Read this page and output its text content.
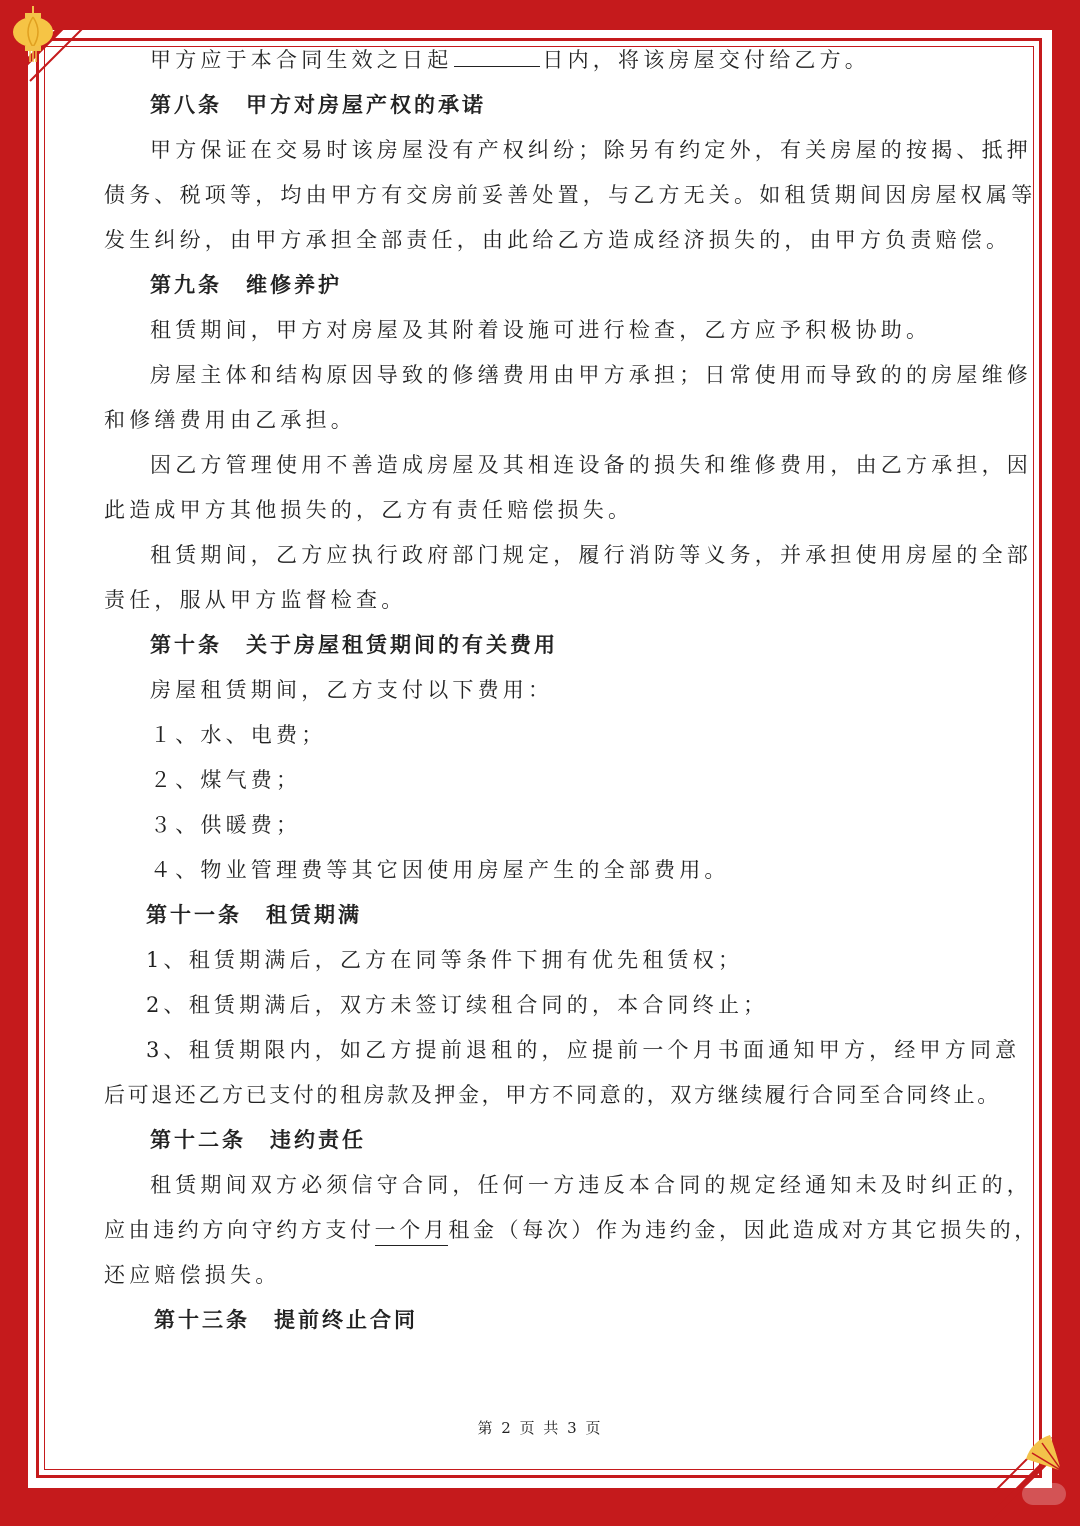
甲方应于本合同生效之日起	日内，将该房屋交付给乙方。
第八条　甲方对房屋产权的承诺
甲方保证在交易时该房屋没有产权纠纷；除另有约定外，有关房屋的按揭、抵押
债务、税项等，均由甲方有交房前妥善处置，与乙方无关。如租赁期间因房屋权属等
发生纠纷，由甲方承担全部责任，由此给乙方造成经济损失的，由甲方负责赔偿。
第九条　维修养护
租赁期间，甲方对房屋及其附着设施可进行检查，乙方应予积极协助。
房屋主体和结构原因导致的修缮费用由甲方承担；日常使用而导致的的房屋维修
和修缮费用由乙承担。
因乙方管理使用不善造成房屋及其相连设备的损失和维修费用，由乙方承担，因
此造成甲方其他损失的，乙方有责任赔偿损失。
租赁期间，乙方应执行政府部门规定，履行消防等义务，并承担使用房屋的全部
责任，服从甲方监督检查。
第十条　关于房屋租赁期间的有关费用
房屋租赁期间，乙方支付以下费用：
１、水、电费；
２、煤气费；
３、供暖费；
４、物业管理费等其它因使用房屋产生的全部费用。
第十一条　租赁期满
1、租赁期满后，乙方在同等条件下拥有优先租赁权；
2、租赁期满后，双方未签订续租合同的，本合同终止；
3、租赁期限内，如乙方提前退租的，应提前一个月书面通知甲方，经甲方同意
后可退还乙方已支付的租房款及押金，甲方不同意的，双方继续履行合同至合同终止。
第十二条　违约责任
租赁期间双方必须信守合同，任何一方违反本合同的规定经通知未及时纠正的，
应由违约方向守约方支付一个月租金（每次）作为违约金，因此造成对方其它损失的，
还应赔偿损失。
第十三条　提前终止合同
第 2 页 共 3 页
